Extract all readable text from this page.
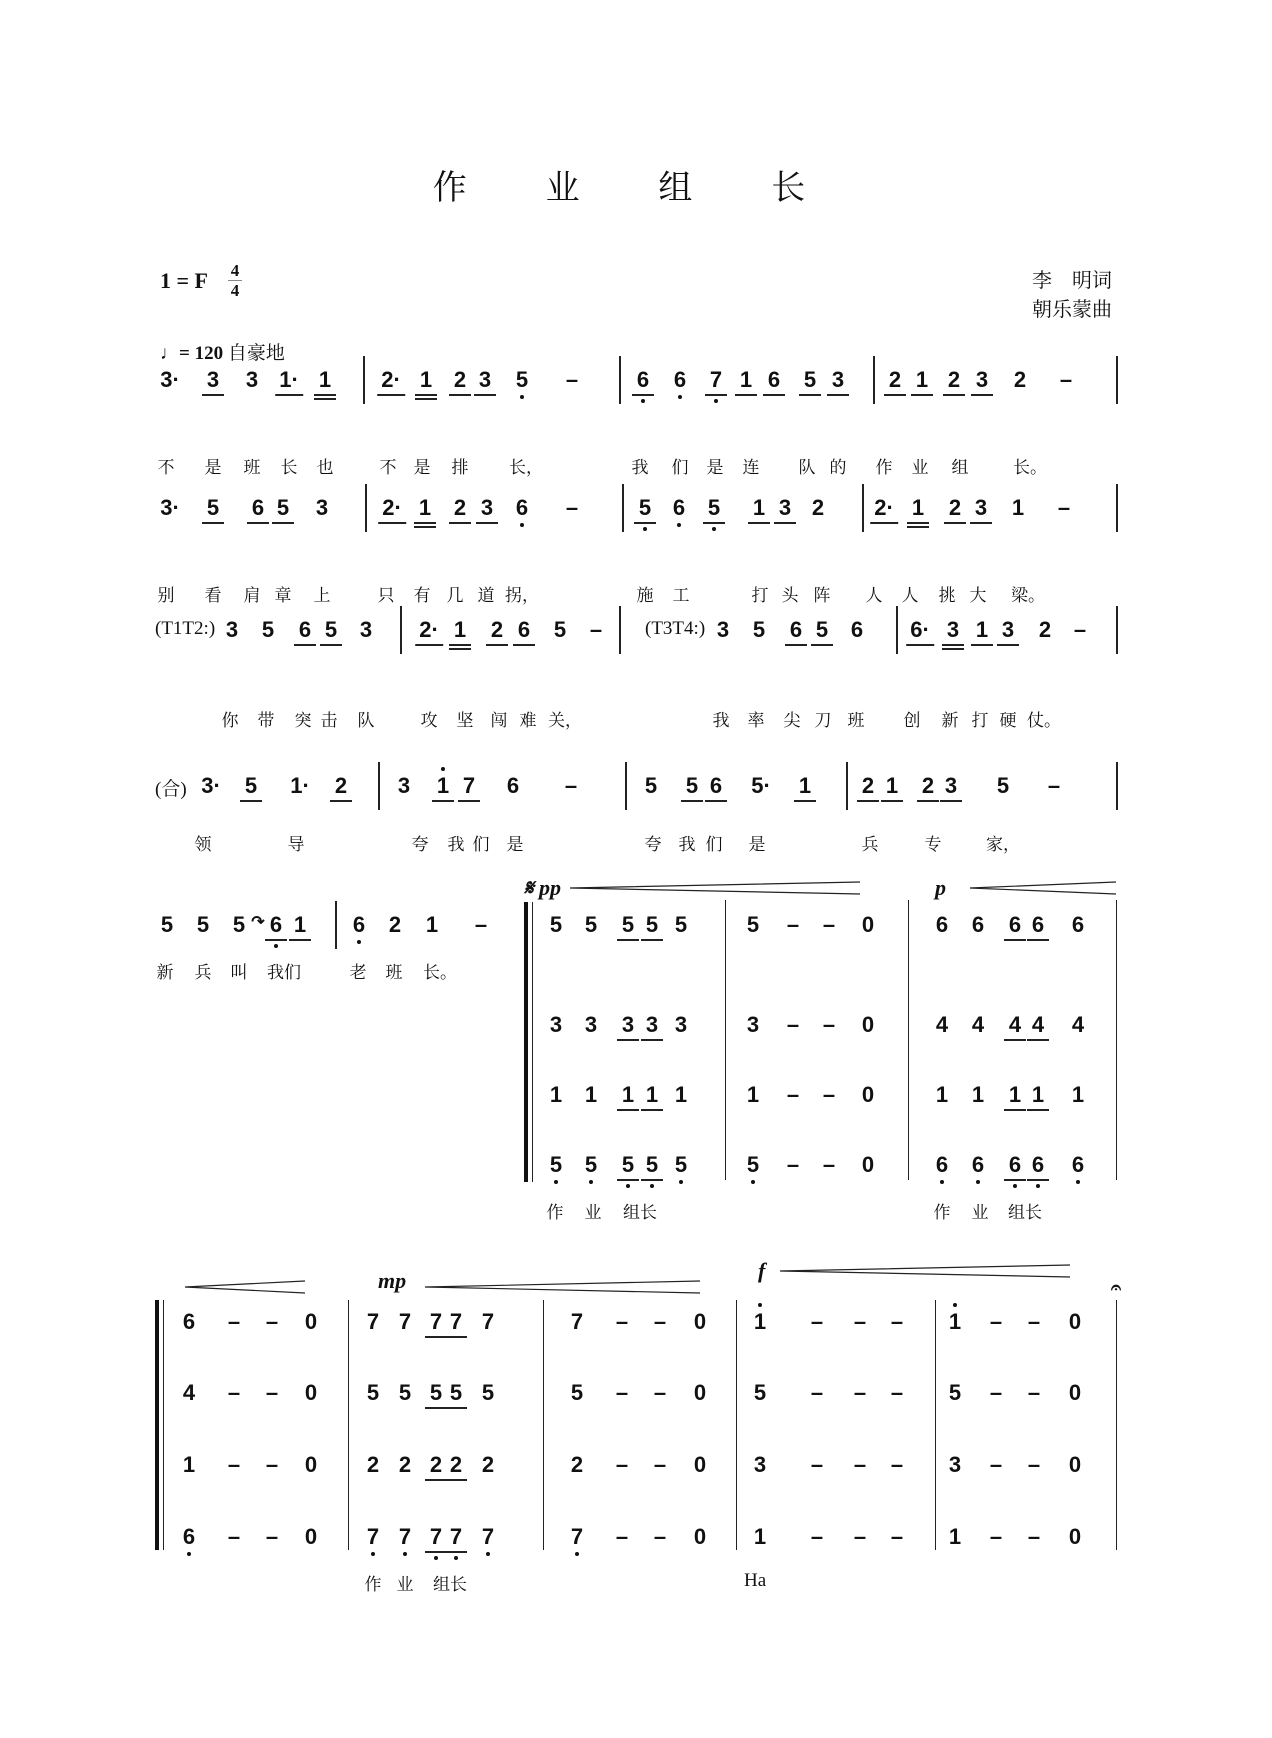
作 业 组 长
1 = F 4
4	李　明词
朝乐蒙曲
♩= 120 自豪地
3· 3 3 1· 1 2· 1 2 3 5 –	6 6 7 1 6 5 3 2 1 2 3 2 –
不 是 班 长 也	不 是 排 长，	我 们 是 连 队 的 作 业 组	长。
3· 5 6 5 3 2· 1 2 3 6 –	5 6 5 1 3 2 2· 1 2 3 1 –
别 看 肩 章 上	只 有 几 道 拐，	施 工	打 头 阵 人 人 挑 大 梁。
3 5 6 5 3 2· 1 2 6 5 –	3 5 6 5 6 6· 3 1 3 2 –
(T1T2:)	(T3T4:)
你 带 突 击 队	攻 坚 闯 难 关，	我 率 尖 刀 班 创 新 打 硬 仗。
3· 5 1· 2 3 1 7 6 –	5 5 6 5· 1 2 1 2 3 5 –
(合)
领	导	夸 我 们 是	夸 我 们 是	兵	专	家，
5 5 5 6 1 6 2 1 –
新 兵 叫 我们	老 班 长。
↷
𝄋 pp	p
5 5 5 5 5	5 – – 0	6 6 6 6 6
3 3 3 3 3	3 – – 0	4 4 4 4 4
1 1 1 1 1	1 – – 0	1 1 1 1 1
5 5 5 5 5	5 – – 0	6 6 6 6 6
作 业 组长	作 业 组长
mp	f
𝄐
6 – – 0 7 7 7 7 7	7 – – 0 1 – – – 1 – – 0
4 – – 0 5 5 5 5 5	5 – – 0 5 – – – 5 – – 0
1 – – 0 2 2 2 2 2	2 – – 0 3 – – – 3 – – 0
6 – – 0 7 7 7 7 7	7 – – 0 1 – – – 1 – – 0
作 业 组长	Ha
